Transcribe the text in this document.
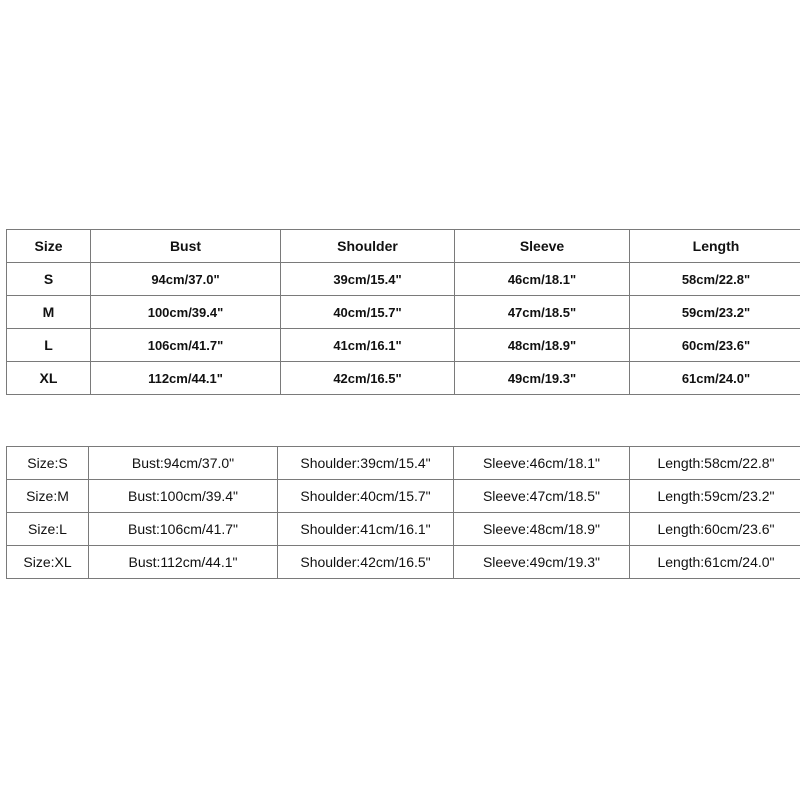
Size	Bust	Shoulder	Sleeve	Length
S	94cm/37.0"	39cm/15.4"	46cm/18.1"	58cm/22.8"
M	100cm/39.4"	40cm/15.7"	47cm/18.5"	59cm/23.2"
L	106cm/41.7"	41cm/16.1"	48cm/18.9"	60cm/23.6"
XL	112cm/44.1"	42cm/16.5"	49cm/19.3"	61cm/24.0"
Size:S	Bust:94cm/37.0"	Shoulder:39cm/15.4"	Sleeve:46cm/18.1"	Length:58cm/22.8"
Size:M	Bust:100cm/39.4"	Shoulder:40cm/15.7"	Sleeve:47cm/18.5"	Length:59cm/23.2"
Size:L	Bust:106cm/41.7"	Shoulder:41cm/16.1"	Sleeve:48cm/18.9"	Length:60cm/23.6"
Size:XL	Bust:112cm/44.1"	Shoulder:42cm/16.5"	Sleeve:49cm/19.3"	Length:61cm/24.0"
